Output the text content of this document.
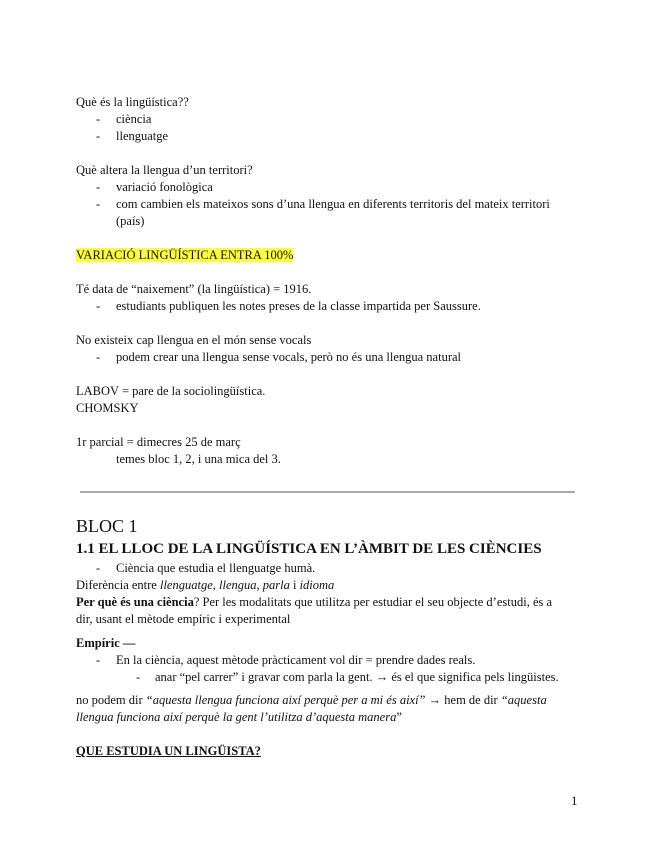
Què és la lingüística??
- ciència
- llenguatge
Què altera la llengua d’un territori?
- variació fonològica
- com cambien els mateixos sons d’una llengua en diferents territoris del mateix territori
(país)
VARIACIÓ LINGÜÍSTICA ENTRA 100%
Té data de “naixement” (la lingüística) = 1916.
- estudiants publiquen les notes preses de la classe impartida per Saussure.
No existeix cap llengua en el món sense vocals
- podem crear una llengua sense vocals, però no és una llengua natural
LABOV = pare de la sociolingüística.
CHOMSKY
1r parcial = dimecres 25 de març
temes bloc 1, 2, i una mica del 3.
BLOC 1
1.1 EL LLOC DE LA LINGÜÍSTICA EN L’ÀMBIT DE LES CIÈNCIES
- Ciència que estudia el llenguatge humà.
Diferència entre llenguatge, llengua, parla i idioma
Per què és una ciència? Per les modalitats que utilitza per estudiar el seu objecte d’estudi, és a
dir, usant el mètode empíric i experimental
Empíric —
- En la ciència, aquest mètode pràcticament vol dir = prendre dades reals.
- anar “pel carrer” i gravar com parla la gent. → és el que significa pels lingüistes.
no podem dir “aquesta llengua funciona així perquè per a mi és així” → hem de dir “aquesta
llengua funciona així perquè la gent l’utilitza d’aquesta manera”
QUE ESTUDIA UN LINGÜISTA?
1
